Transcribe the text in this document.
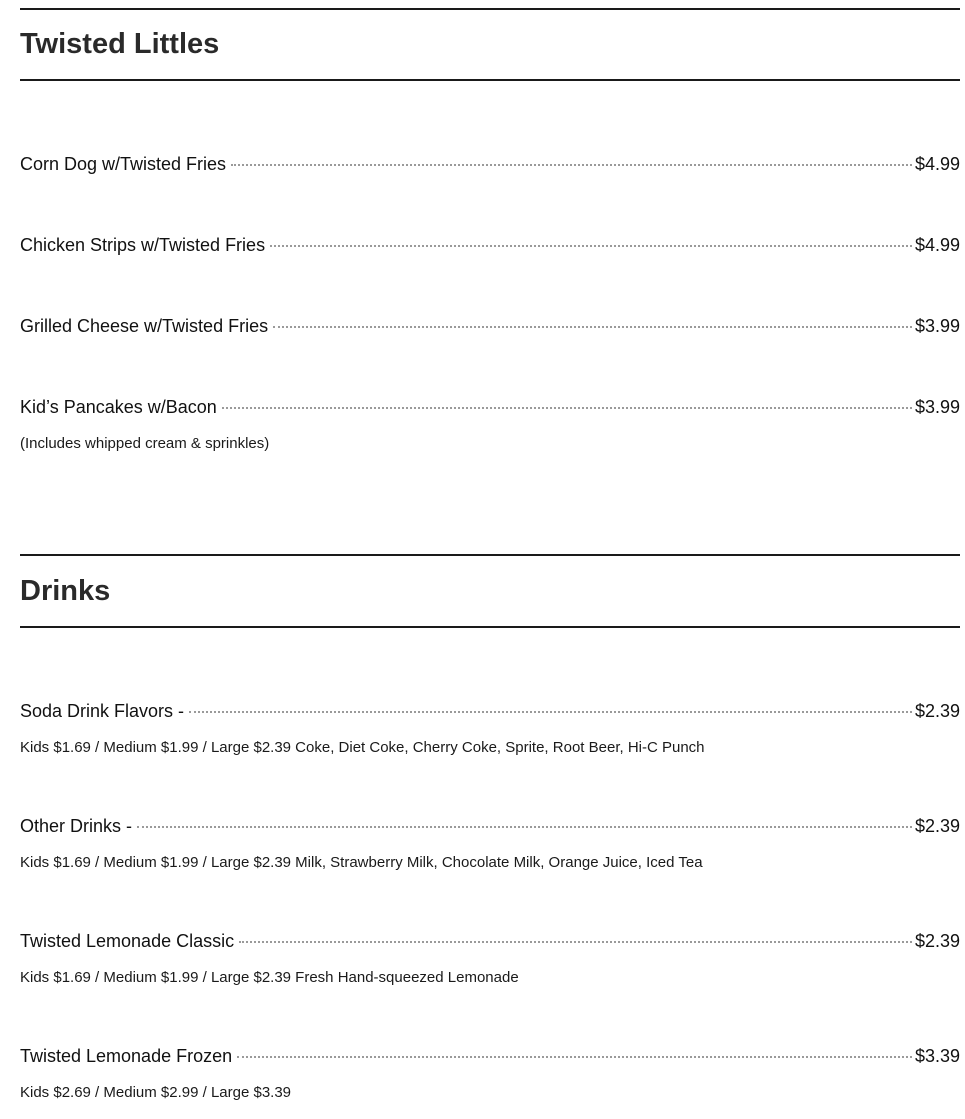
Twisted Littles
Corn Dog w/Twisted Fries	$4.99
Chicken Strips w/Twisted Fries	$4.99
Grilled Cheese w/Twisted Fries	$3.99
Kid’s Pancakes w/Bacon	$3.99
(Includes whipped cream & sprinkles)
Drinks
Soda Drink Flavors -	$2.39
Kids $1.69 / Medium $1.99 / Large $2.39 Coke, Diet Coke, Cherry Coke, Sprite, Root Beer, Hi-C Punch
Other Drinks -	$2.39
Kids $1.69 / Medium $1.99 / Large $2.39 Milk, Strawberry Milk, Chocolate Milk, Orange Juice, Iced Tea
Twisted Lemonade Classic	$2.39
Kids $1.69 / Medium $1.99 / Large $2.39 Fresh Hand-squeezed Lemonade
Twisted Lemonade Frozen	$3.39
Kids $2.69 / Medium $2.99 / Large $3.39
